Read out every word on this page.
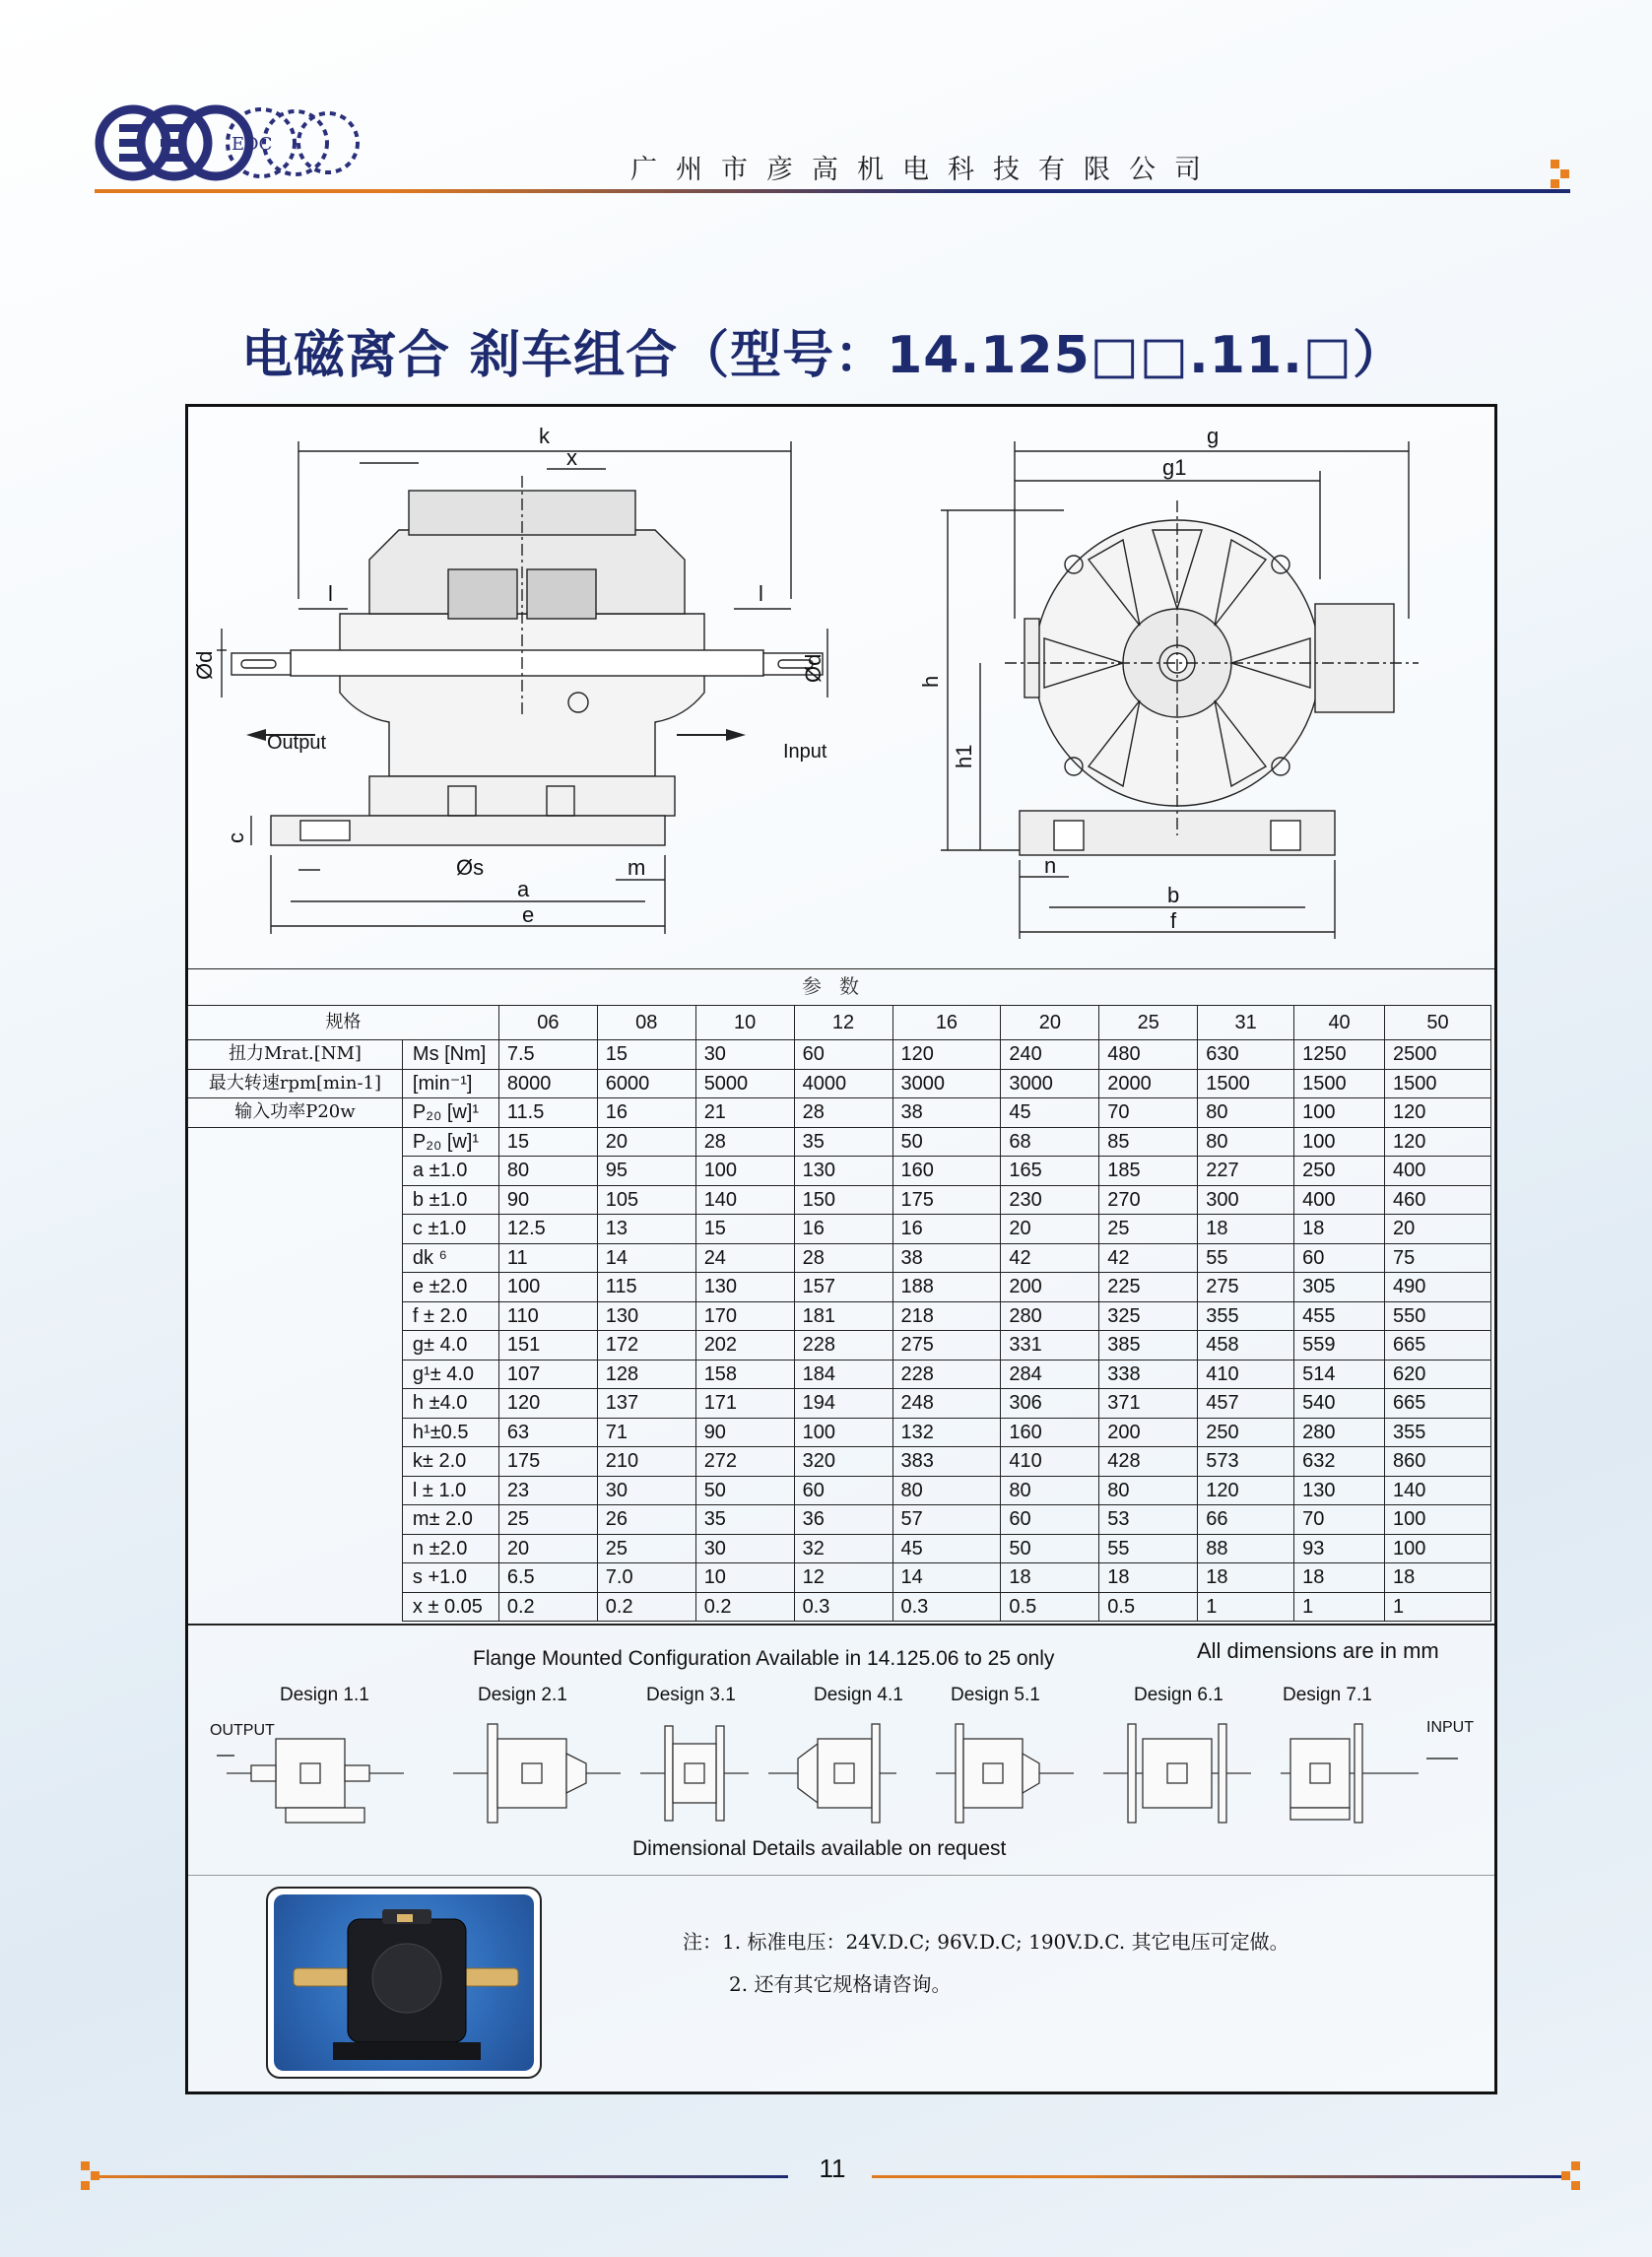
EDC
广州市彦高机电科技有限公司
电磁离合 刹车组合（型号：14.125□□.11.□）
k
x
l	l
Ød	Ød
Output	Input
c
Øs	m
a
e
g
g1
h
h1
n
b
f
参数
规格		06	08	10	12	16	20	25	31	40	50
扭力Mrat.[NM]	Ms [Nm]	7.5	15	30	60	120	240	480	630	1250	2500
最大转速rpm[min-1]	[min⁻¹]	8000	6000	5000	4000	3000	3000	2000	1500	1500	1500
输入功率P20w	P₂₀ [w]¹	11.5	16	21	28	38	45	70	80	100	120
	P₂₀ [w]¹	15	20	28	35	50	68	85	80	100	120
	a ±1.0	80	95	100	130	160	165	185	227	250	400
	b ±1.0	90	105	140	150	175	230	270	300	400	460
	c ±1.0	12.5	13	15	16	16	20	25	18	18	20
	dk ⁶	11	14	24	28	38	42	42	55	60	75
	e ±2.0	100	115	130	157	188	200	225	275	305	490
	f ± 2.0	110	130	170	181	218	280	325	355	455	550
	g± 4.0	151	172	202	228	275	331	385	458	559	665
	g¹± 4.0	107	128	158	184	228	284	338	410	514	620
	h ±4.0	120	137	171	194	248	306	371	457	540	665
	h¹±0.5	63	71	90	100	132	160	200	250	280	355
	k± 2.0	175	210	272	320	383	410	428	573	632	860
	l ± 1.0	23	30	50	60	80	80	80	120	130	140
	m± 2.0	25	26	35	36	57	60	53	66	70	100
	n ±2.0	20	25	30	32	45	50	55	88	93	100
	s +1.0	6.5	7.0	10	12	14	18	18	18	18	18
	x ± 0.05	0.2	0.2	0.2	0.3	0.3	0.5	0.5	1	1	1
Flange Mounted Configuration Available in 14.125.06 to 25 only	All dimensions are in mm
Design 1.1	Design 2.1	Design 3.1	Design 4.1	Design 5.1	Design 6.1	Design 7.1
OUTPUT	INPUT
Dimensional Details available on request
注：1. 标准电压：24V.D.C; 96V.D.C; 190V.D.C. 其它电压可定做。
2. 还有其它规格请咨询。
11
